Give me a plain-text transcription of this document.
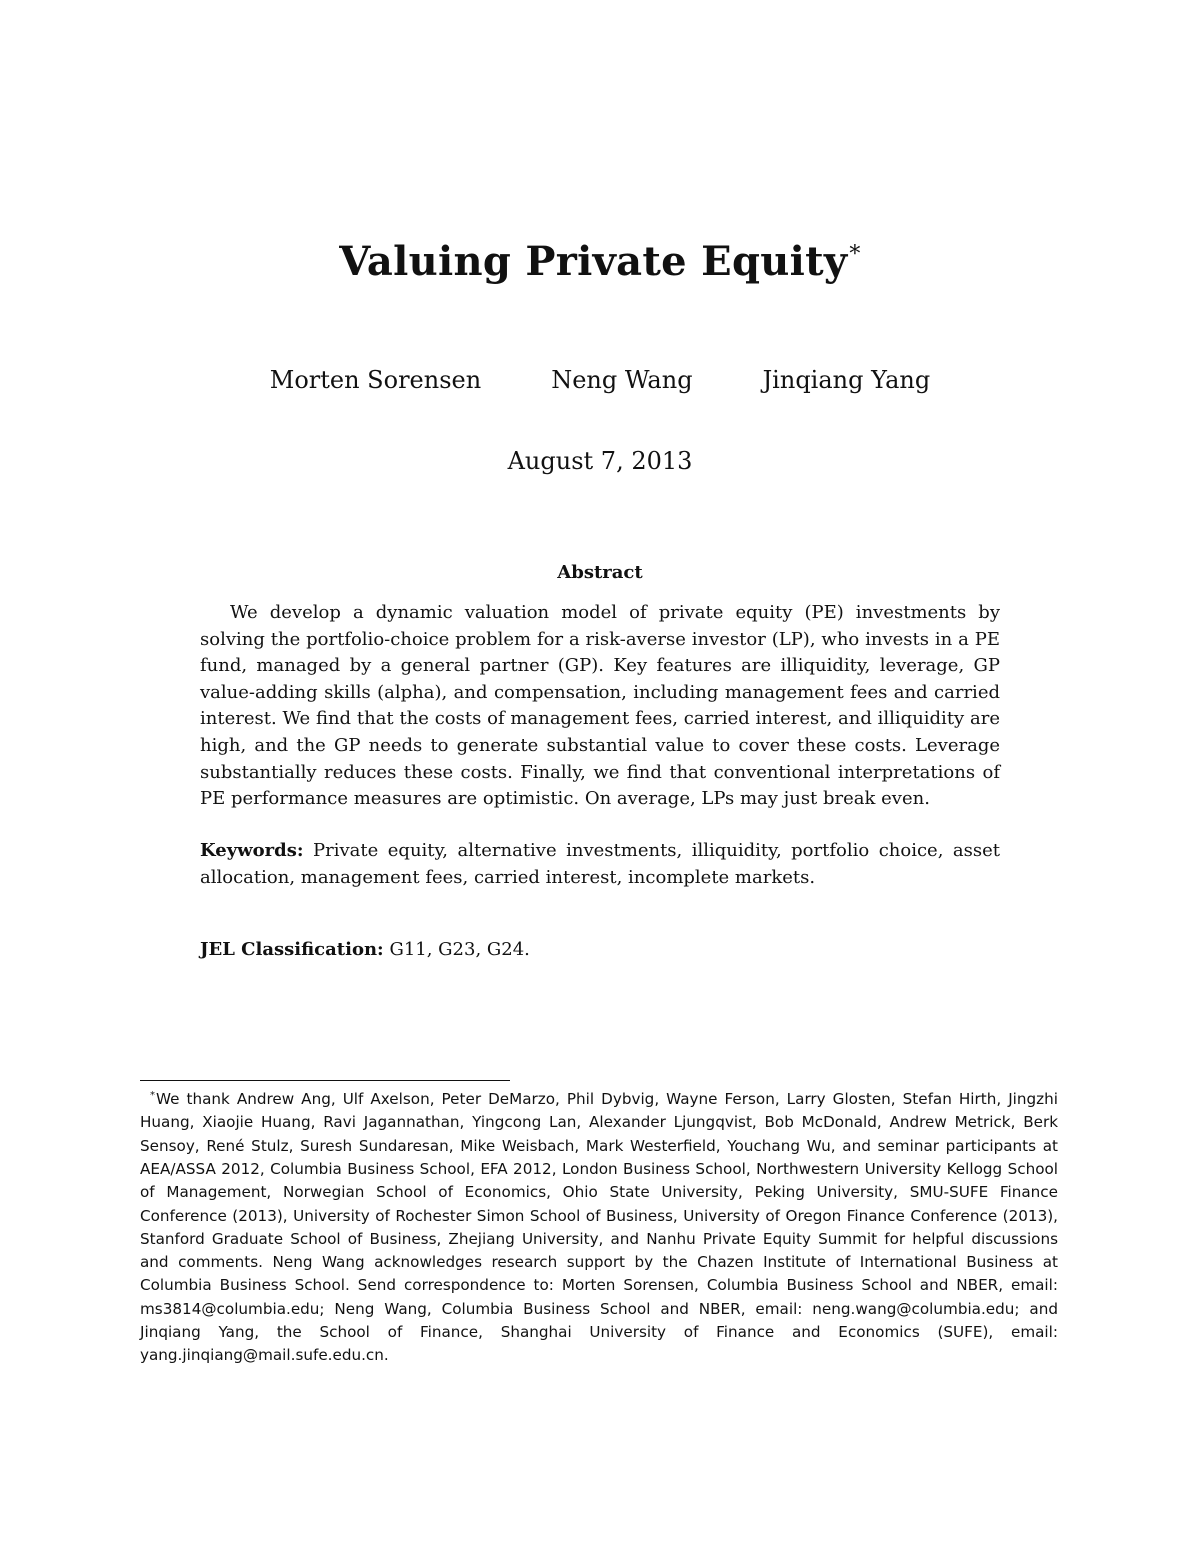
Valuing Private Equity*
Morten Sorensen	Neng Wang	Jinqiang Yang
August 7, 2013
Abstract

We develop a dynamic valuation model of private equity (PE) investments by solving the portfolio-choice problem for a risk-averse investor (LP), who invests in a PE fund, managed by a general partner (GP). Key features are illiquidity, leverage, GP value-adding skills (alpha), and compensation, including management fees and carried interest. We find that the costs of management fees, carried interest, and illiquidity are high, and the GP needs to generate substantial value to cover these costs. Leverage substantially reduces these costs. Finally, we find that conventional interpretations of PE performance measures are optimistic. On average, LPs may just break even.

Keywords: Private equity, alternative investments, illiquidity, portfolio choice, asset allocation, management fees, carried interest, incomplete markets.

JEL Classification: G11, G23, G24.

*We thank Andrew Ang, Ulf Axelson, Peter DeMarzo, Phil Dybvig, Wayne Ferson, Larry Glosten, Stefan Hirth, Jingzhi Huang, Xiaojie Huang, Ravi Jagannathan, Yingcong Lan, Alexander Ljungqvist, Bob McDonald, Andrew Metrick, Berk Sensoy, René Stulz, Suresh Sundaresan, Mike Weisbach, Mark Westerfield, Youchang Wu, and seminar participants at AEA/ASSA 2012, Columbia Business School, EFA 2012, London Business School, Northwestern University Kellogg School of Management, Norwegian School of Economics, Ohio State University, Peking University, SMU-SUFE Finance Conference (2013), University of Rochester Simon School of Business, University of Oregon Finance Conference (2013), Stanford Graduate School of Business, Zhejiang University, and Nanhu Private Equity Summit for helpful discussions and comments. Neng Wang acknowledges research support by the Chazen Institute of International Business at Columbia Business School. Send correspondence to: Morten Sorensen, Columbia Business School and NBER, email: ms3814@columbia.edu; Neng Wang, Columbia Business School and NBER, email: neng.wang@columbia.edu; and Jinqiang Yang, the School of Finance, Shanghai University of Finance and Economics (SUFE), email: yang.jinqiang@mail.sufe.edu.cn.
